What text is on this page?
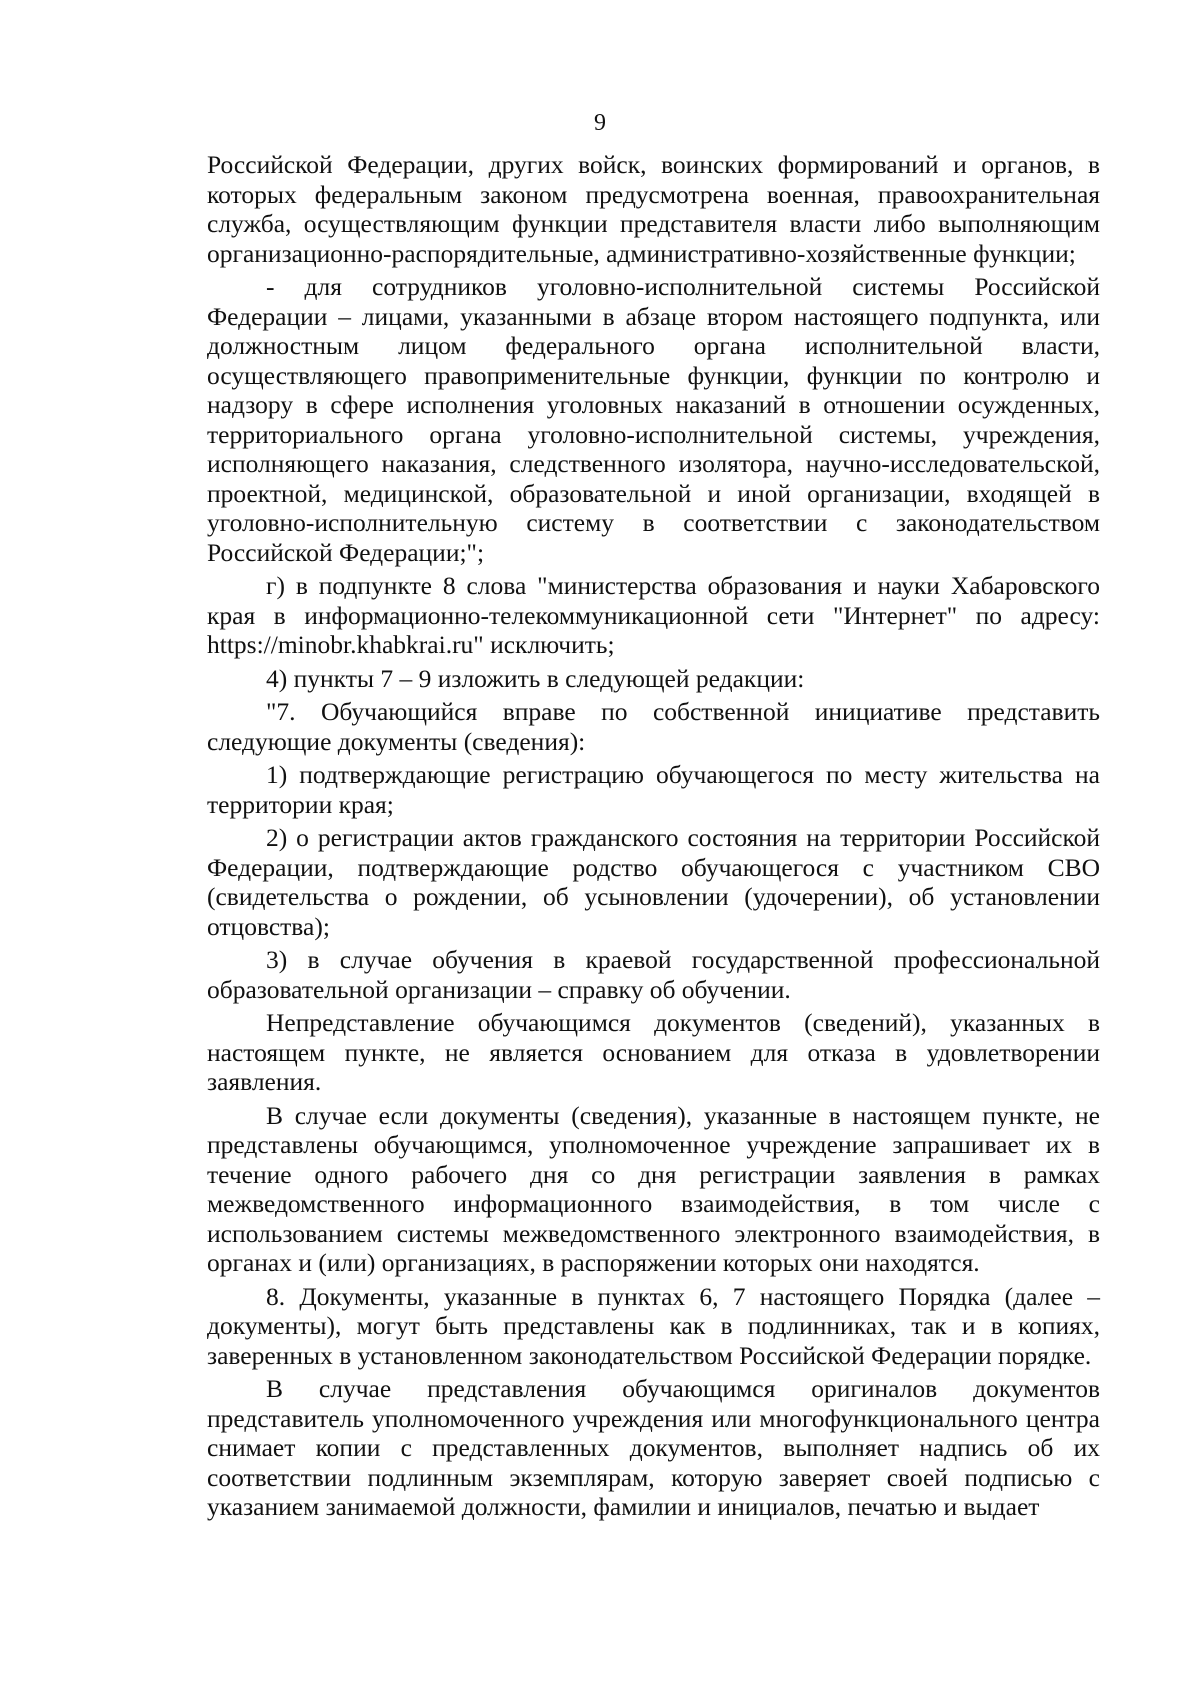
9

Российской Федерации, других войск, воинских формирований и органов, в которых федеральным законом предусмотрена военная, правоохранительная служба, осуществляющим функции представителя власти либо выполняющим организационно-распорядительные, административно-хозяйственные функции;

- для сотрудников уголовно-исполнительной системы Российской Федерации – лицами, указанными в абзаце втором настоящего подпункта, или должностным лицом федерального органа исполнительной власти, осуществляющего правоприменительные функции, функции по контролю и надзору в сфере исполнения уголовных наказаний в отношении осужденных, территориального органа уголовно-исполнительной системы, учреждения, исполняющего наказания, следственного изолятора, научно-исследовательской, проектной, медицинской, образовательной и иной организации, входящей в уголовно-исполнительную систему в соответствии с законодательством Российской Федерации;";

г) в подпункте 8 слова "министерства образования и науки Хабаровского края в информационно-телекоммуникационной сети "Интернет" по адресу: https://minobr.khabkrai.ru" исключить;

4) пункты 7 – 9 изложить в следующей редакции:

"7. Обучающийся вправе по собственной инициативе представить следующие документы (сведения):

1) подтверждающие регистрацию обучающегося по месту жительства на территории края;

2) о регистрации актов гражданского состояния на территории Российской Федерации, подтверждающие родство обучающегося с участником СВО (свидетельства о рождении, об усыновлении (удочерении), об установлении отцовства);

3) в случае обучения в краевой государственной профессиональной образовательной организации – справку об обучении.

Непредставление обучающимся документов (сведений), указанных в настоящем пункте, не является основанием для отказа в удовлетворении заявления.

В случае если документы (сведения), указанные в настоящем пункте, не представлены обучающимся, уполномоченное учреждение запрашивает их в течение одного рабочего дня со дня регистрации заявления в рамках межведомственного информационного взаимодействия, в том числе с использованием системы межведомственного электронного взаимодействия, в органах и (или) организациях, в распоряжении которых они находятся.

8. Документы, указанные в пунктах 6, 7 настоящего Порядка (далее – документы), могут быть представлены как в подлинниках, так и в копиях, заверенных в установленном законодательством Российской Федерации порядке.

В случае представления обучающимся оригиналов документов представитель уполномоченного учреждения или многофункционального центра снимает копии с представленных документов, выполняет надпись об их соответствии подлинным экземплярам, которую заверяет своей подписью с указанием занимаемой должности, фамилии и инициалов, печатью и выдает
